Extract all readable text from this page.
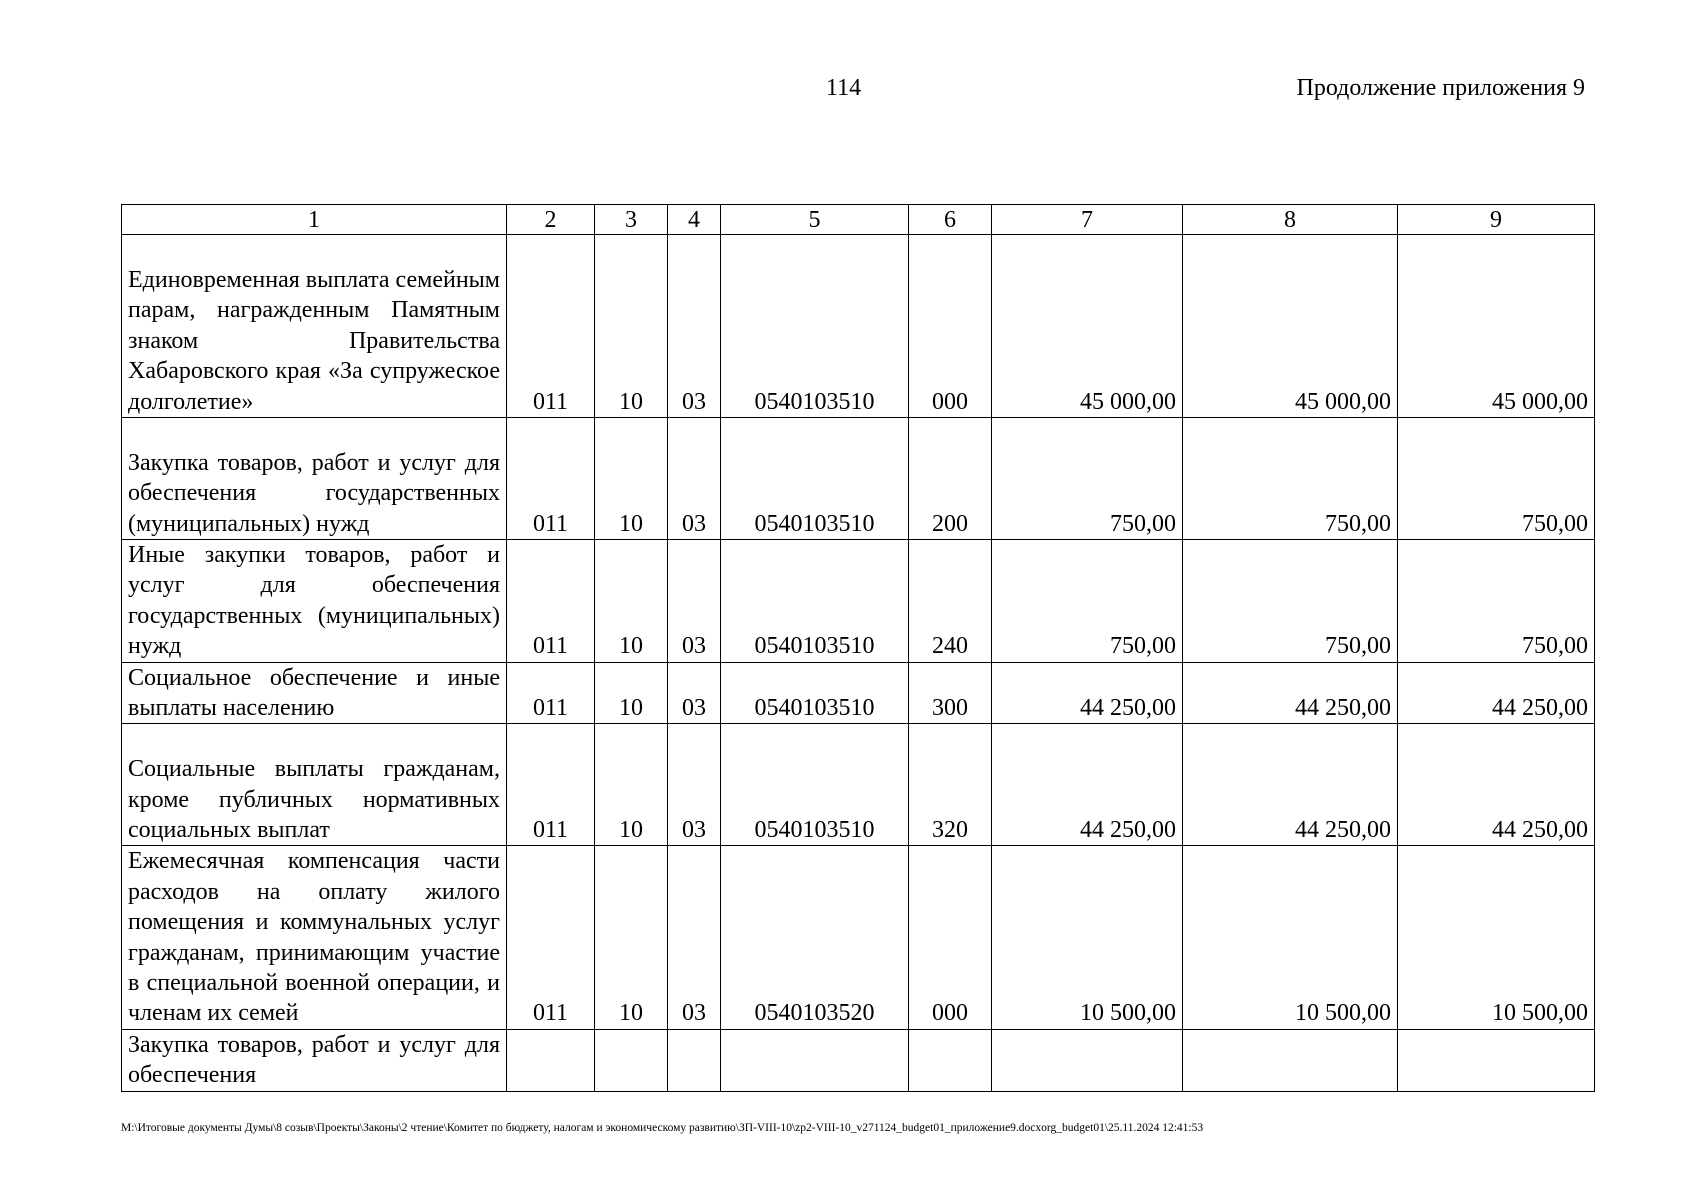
114	Продолжение приложения 9
1	2	3	4	5	6	7	8	9
Единовременная выплата семейным парам, награжденным Памятным знаком Правительства Хабаровского края «За супружеское долголетие»	011	10	03	0540103510	000	45 000,00	45 000,00	45 000,00
Закупка товаров, работ и услуг для обеспечения государственных (муниципальных) нужд	011	10	03	0540103510	200	750,00	750,00	750,00
Иные закупки товаров, работ и услуг для обеспечения государственных (муниципальных) нужд	011	10	03	0540103510	240	750,00	750,00	750,00
Социальное обеспечение и иные выплаты населению	011	10	03	0540103510	300	44 250,00	44 250,00	44 250,00
Социальные выплаты гражданам, кроме публичных нормативных социальных выплат	011	10	03	0540103510	320	44 250,00	44 250,00	44 250,00
Ежемесячная компенсация части расходов на оплату жилого помещения и коммунальных услуг гражданам, принимающим участие в специальной военной операции, и членам их семей	011	10	03	0540103520	000	10 500,00	10 500,00	10 500,00
Закупка товаров, работ и услуг для обеспечения								
M:\Итоговые документы Думы\8 созыв\Проекты\Законы\2 чтение\Комитет по бюджету, налогам и экономическому развитию\ЗП-VIII-10\zp2-VIII-10_v271124_budget01_приложение9.docxorg_budget01\25.11.2024 12:41:53
